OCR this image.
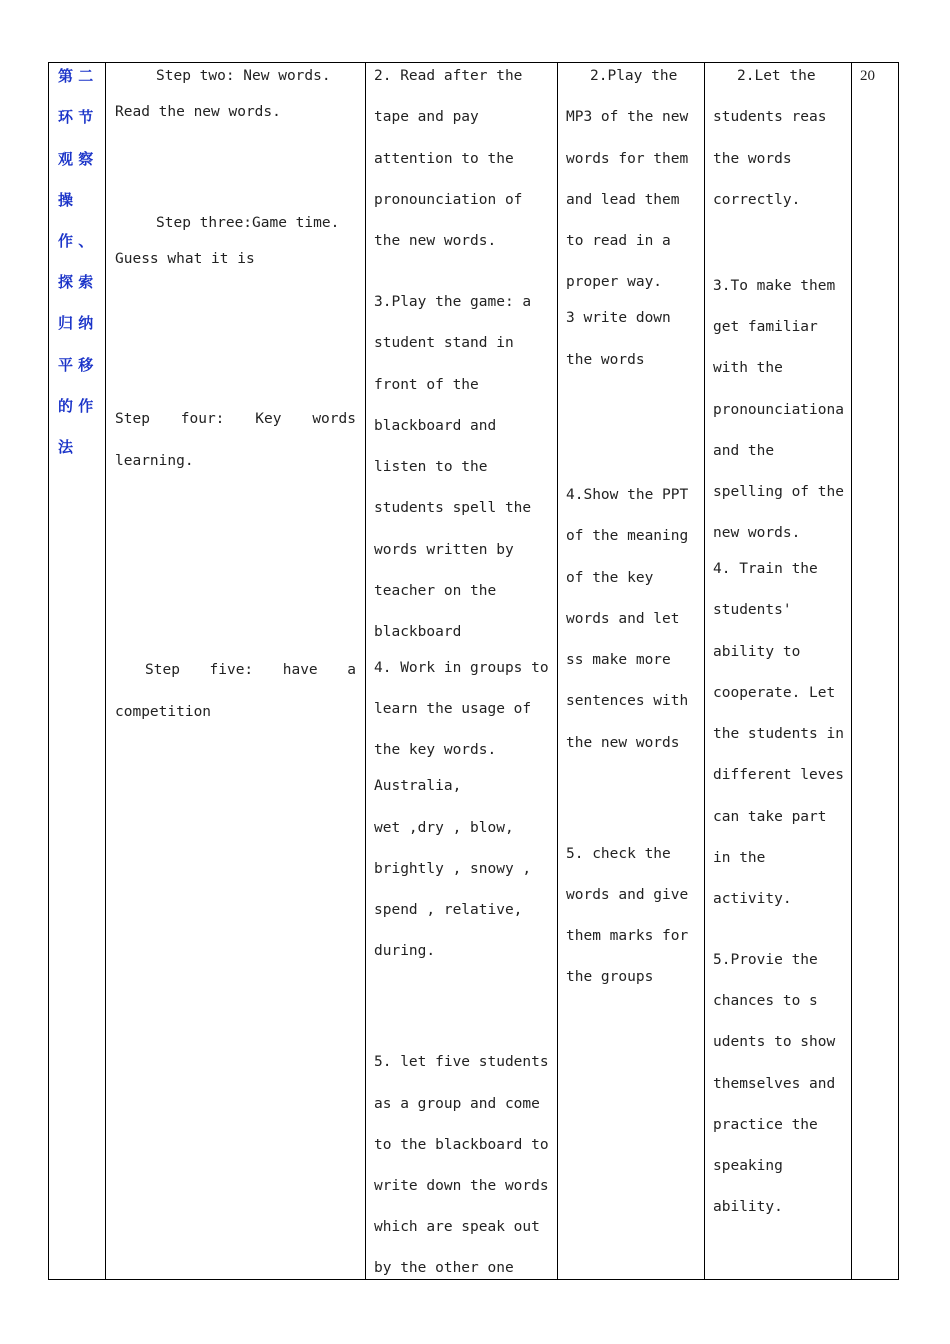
第 二
环 节
观 察
操
作 、
探 索
归 纳
平 移
的 作
法
Step two: New words.
Read the new words.
Step three:Game time.
Guess what it is
Step four: Key words
learning.
Step five: have a
competition
2. Read after the
tape and pay
attention to the
pronounciation of
the new words.
3.Play the game: a
student stand in
front of the
blackboard and
listen to the
students spell the
words written by
teacher on the
blackboard
4. Work in groups to
learn the usage of
the key words.
Australia,
wet ,dry , blow,
brightly , snowy ,
spend , relative,
during.
5. let five students
as a group and come
to the blackboard to
write down the words
which are speak out
by the other one
2.Play the
MP3 of the new
words for them
and lead them
to read in a
proper way.
3 write down
the words
4.Show the PPT
of the meaning
of the key
words and let
ss make more
sentences with
the new words
5. check the
words and give
them marks for
the groups
2.Let the
students reas
the words
correctly.
3.To make them
get familiar
with the
pronounciationa
and the
spelling of the
new words.
4. Train the
students'
ability to
cooperate. Let
the students in
different leves
can take part
in the
activity.
5.Provie the
chances to s
udents to show
themselves and
practice the
speaking
ability.
20
